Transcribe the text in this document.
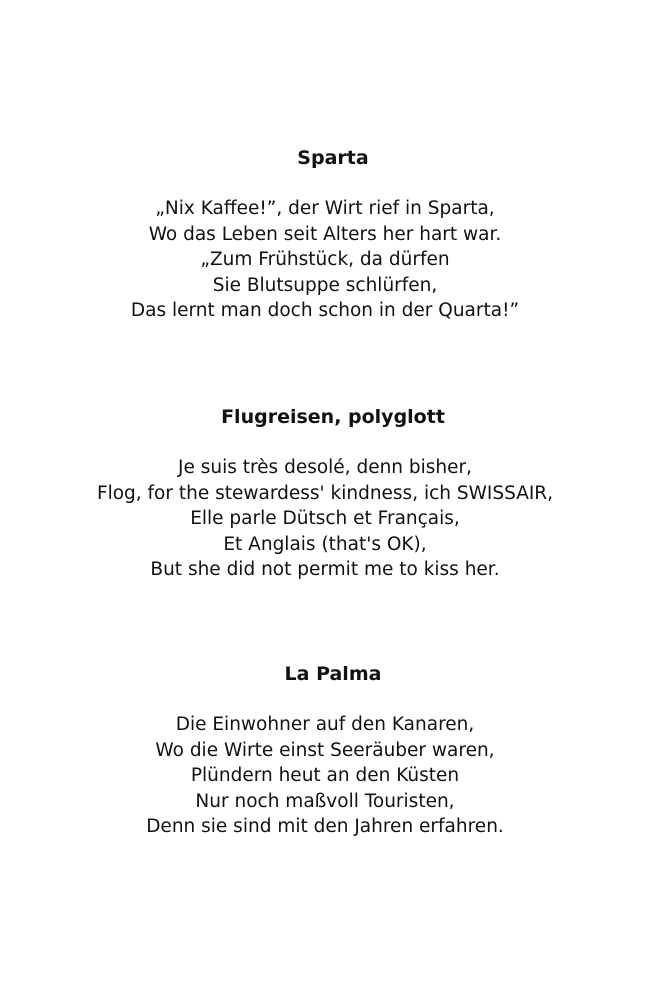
Sparta
„Nix Kaffee!”, der Wirt rief in Sparta,
Wo das Leben seit Alters her hart war.
„Zum Frühstück, da dürfen
Sie Blutsuppe schlürfen,
Das lernt man doch schon in der Quarta!”
Flugreisen, polyglott
Je suis très desolé, denn bisher,
Flog, for the stewardess' kindness, ich SWISSAIR,
Elle parle Dütsch et Français,
Et Anglais (that's OK),
But she did not permit me to kiss her.
La Palma
Die Einwohner auf den Kanaren,
Wo die Wirte einst Seeräuber waren,
Plündern heut an den Küsten
Nur noch maßvoll Touristen,
Denn sie sind mit den Jahren erfahren.
